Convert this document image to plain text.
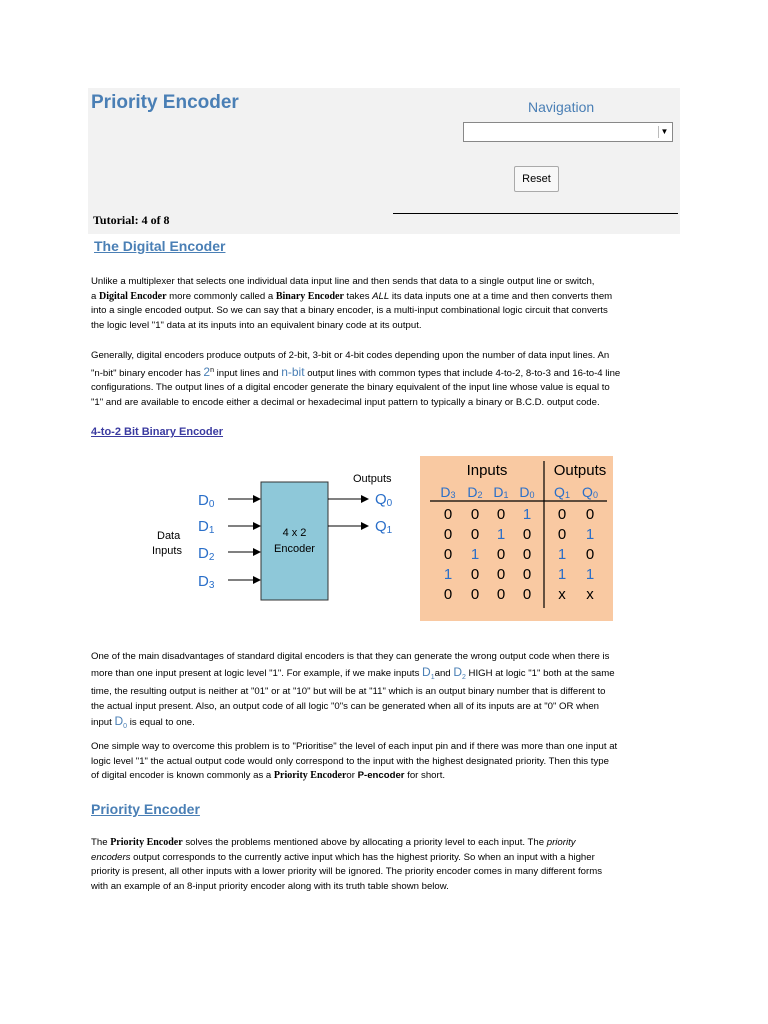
Priority Encoder	Navigation
▼
Reset
Tutorial: 4 of 8
The Digital Encoder

Unlike a multiplexer that selects one individual data input line and then sends that data to a single output line or switch,

a Digital Encoder more commonly called a Binary Encoder takes ALL its data inputs one at a time and then converts them

into a single encoded output. So we can say that a binary encoder, is a multi-input combinational logic circuit that converts

the logic level "1" data at its inputs into an equivalent binary code at its output.

Generally, digital encoders produce outputs of 2-bit, 3-bit or 4-bit codes depending upon the number of data input lines. An

"n-bit" binary encoder has 2$^n$ input lines and n-bit output lines with common types that include 4-to-2, 8-to-3 and 16-to-4 line

configurations. The output lines of a digital encoder generate the binary equivalent of the input line whose value is equal to

"1" and are available to encode either a decimal or hexadecimal input pattern to typically a binary or B.C.D. output code.

4-to-2 Bit Binary Encoder
4 x 2
Encoder
D0
D1
D2
D3
Data
Inputs
Outputs
Q0
Q1
Inputs	Outputs
D3 D2 D1 D0 Q1 Q0
0 0 0 1 0 0
0 0 1 0 0 1
0 1 0 0 1 0
1 0 0 0 1 1
0 0 0 0 x x

One of the main disadvantages of standard digital encoders is that they can generate the wrong output code when there is

more than one input present at logic level "1". For example, if we make inputs $D_1and$ $D_2$ HIGH at logic "1" both at the same

time, the resulting output is neither at "01" or at "10" but will be at "11" which is an output binary number that is different to

the actual input present. Also, an output code of all logic "0"s can be generated when all of its inputs are at "0" OR when

input $D_0$ is equal to one.

One simple way to overcome this problem is to "Prioritise" the level of each input pin and if there was more than one input at

logic level "1" the actual output code would only correspond to the input with the highest designated priority. Then this type

of digital encoder is known commonly as a Priority Encoderor P-encoder for short.

Priority Encoder

The Priority Encoder solves the problems mentioned above by allocating a priority level to each input. The priority

encoders output corresponds to the currently active input which has the highest priority. So when an input with a higher

priority is present, all other inputs with a lower priority will be ignored. The priority encoder comes in many different forms

with an example of an 8-input priority encoder along with its truth table shown below.
